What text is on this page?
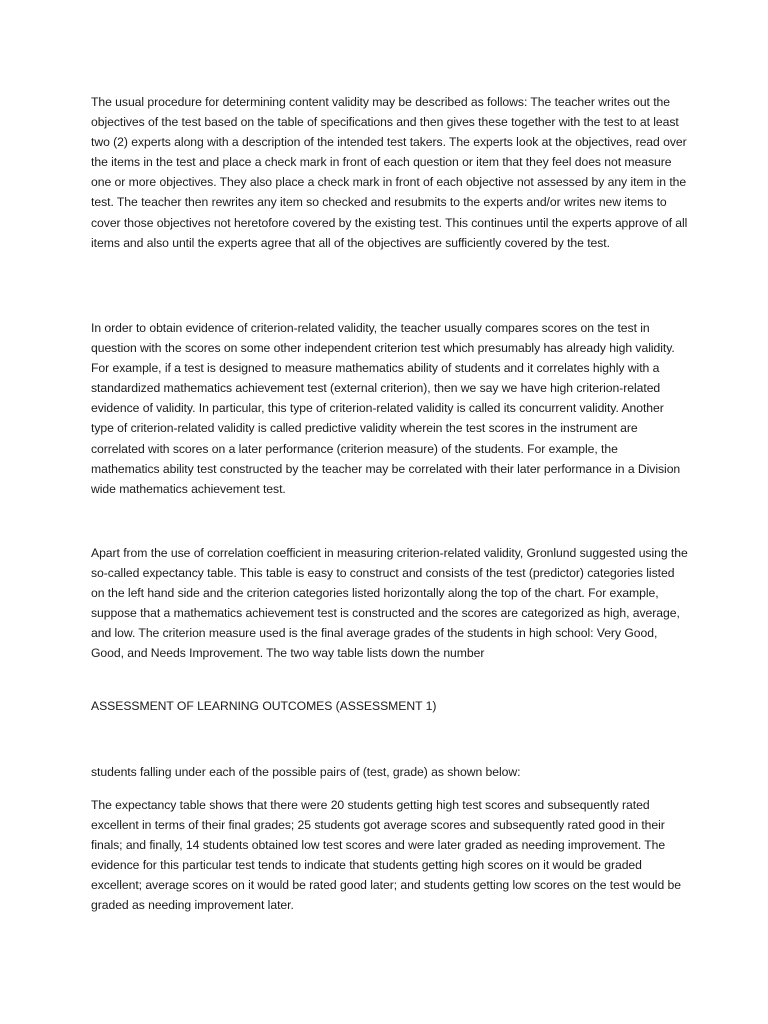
The usual procedure for determining content validity may be described as follows: The teacher writes out the objectives of the test based on the table of specifications and then gives these together with the test to at least two (2) experts along with a description of the intended test takers. The experts look at the objectives, read over the items in the test and place a check mark in front of each question or item that they feel does not measure one or more objectives. They also place a check mark in front of each objective not assessed by any item in the test. The teacher then rewrites any item so checked and resubmits to the experts and/or writes new items to cover those objectives not heretofore covered by the existing test. This continues until the experts approve of all items and also until the experts agree that all of the objectives are sufficiently covered by the test.

In order to obtain evidence of criterion-related validity, the teacher usually compares scores on the test in question with the scores on some other independent criterion test which presumably has already high validity. For example, if a test is designed to measure mathematics ability of students and it correlates highly with a standardized mathematics achievement test (external criterion), then we say we have high criterion-related evidence of validity. In particular, this type of criterion-related validity is called its concurrent validity. Another type of criterion-related validity is called predictive validity wherein the test scores in the instrument are correlated with scores on a later performance (criterion measure) of the students. For example, the mathematics ability test constructed by the teacher may be correlated with their later performance in a Division wide mathematics achievement test.

Apart from the use of correlation coefficient in measuring criterion-related validity, Gronlund suggested using the so-called expectancy table. This table is easy to construct and consists of the test (predictor) categories listed on the left hand side and the criterion categories listed horizontally along the top of the chart. For example, suppose that a mathematics achievement test is constructed and the scores are categorized as high, average, and low. The criterion measure used is the final average grades of the students in high school: Very Good, Good, and Needs Improvement. The two way table lists down the number

ASSESSMENT OF LEARNING OUTCOMES (ASSESSMENT 1)

students falling under each of the possible pairs of (test, grade) as shown below:

The expectancy table shows that there were 20 students getting high test scores and subsequently rated excellent in terms of their final grades; 25 students got average scores and subsequently rated good in their finals; and finally, 14 students obtained low test scores and were later graded as needing improvement. The evidence for this particular test tends to indicate that students getting high scores on it would be graded excellent; average scores on it would be rated good later; and students getting low scores on the test would be graded as needing improvement later.
